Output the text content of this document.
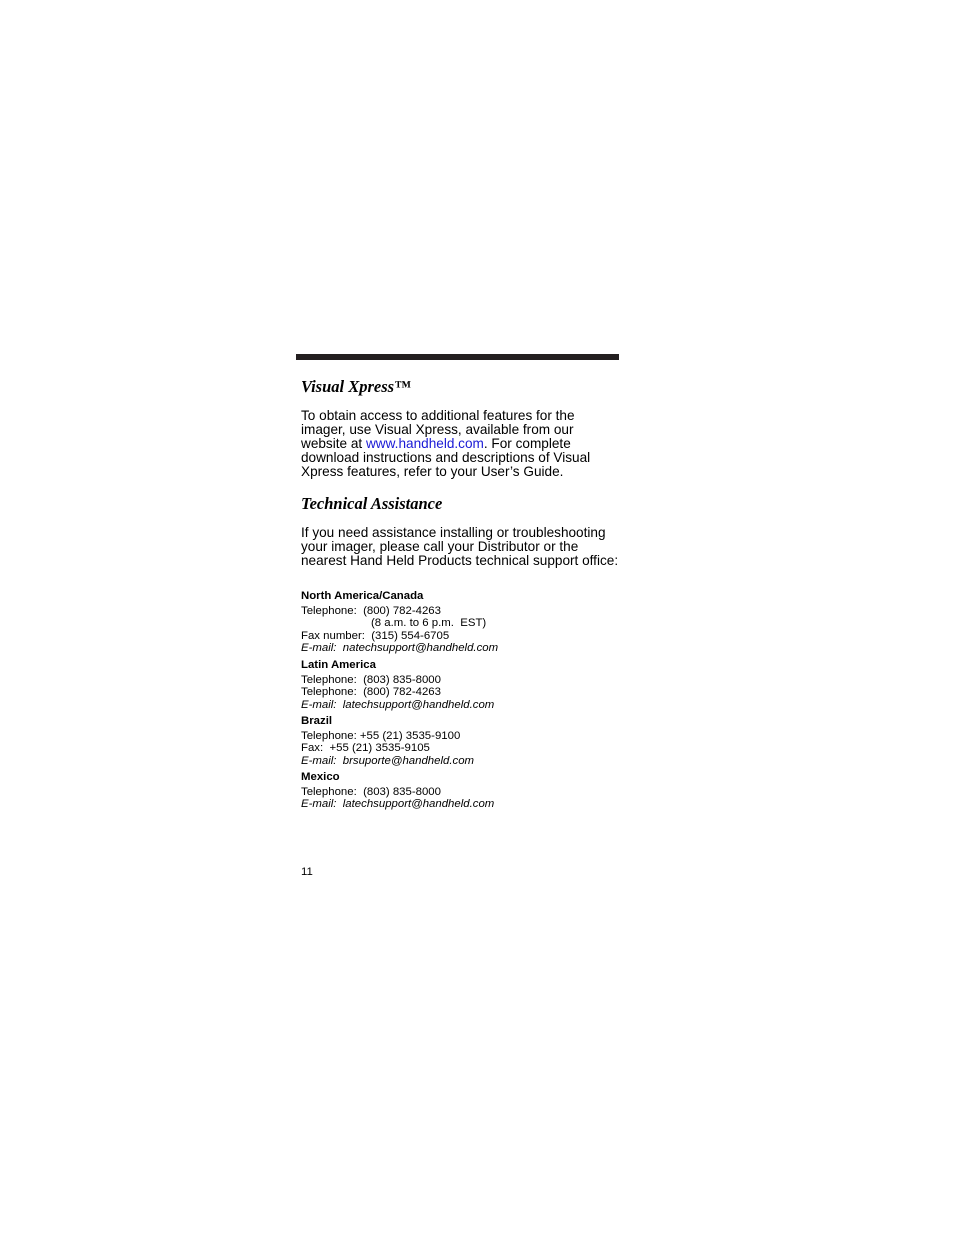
Visual Xpress™

To obtain access to additional features for the imager, use Visual Xpress, available from our website at www.handheld.com. For complete download instructions and descriptions of Visual Xpress features, refer to your User’s Guide.

Technical Assistance

If you need assistance installing or troubleshooting your imager, please call your Distributor or the nearest Hand Held Products technical support office:

North America/Canada
Telephone:  (800) 782-4263
(8 a.m. to 6 p.m.  EST)
Fax number:  (315) 554-6705
E-mail:  natechsupport@handheld.com
Latin America
Telephone:  (803) 835-8000
Telephone:  (800) 782-4263
E-mail:  latechsupport@handheld.com
Brazil
Telephone: +55 (21) 3535-9100
Fax:  +55 (21) 3535-9105
E-mail:  brsuporte@handheld.com
Mexico
Telephone:  (803) 835-8000
E-mail:  latechsupport@handheld.com
11
